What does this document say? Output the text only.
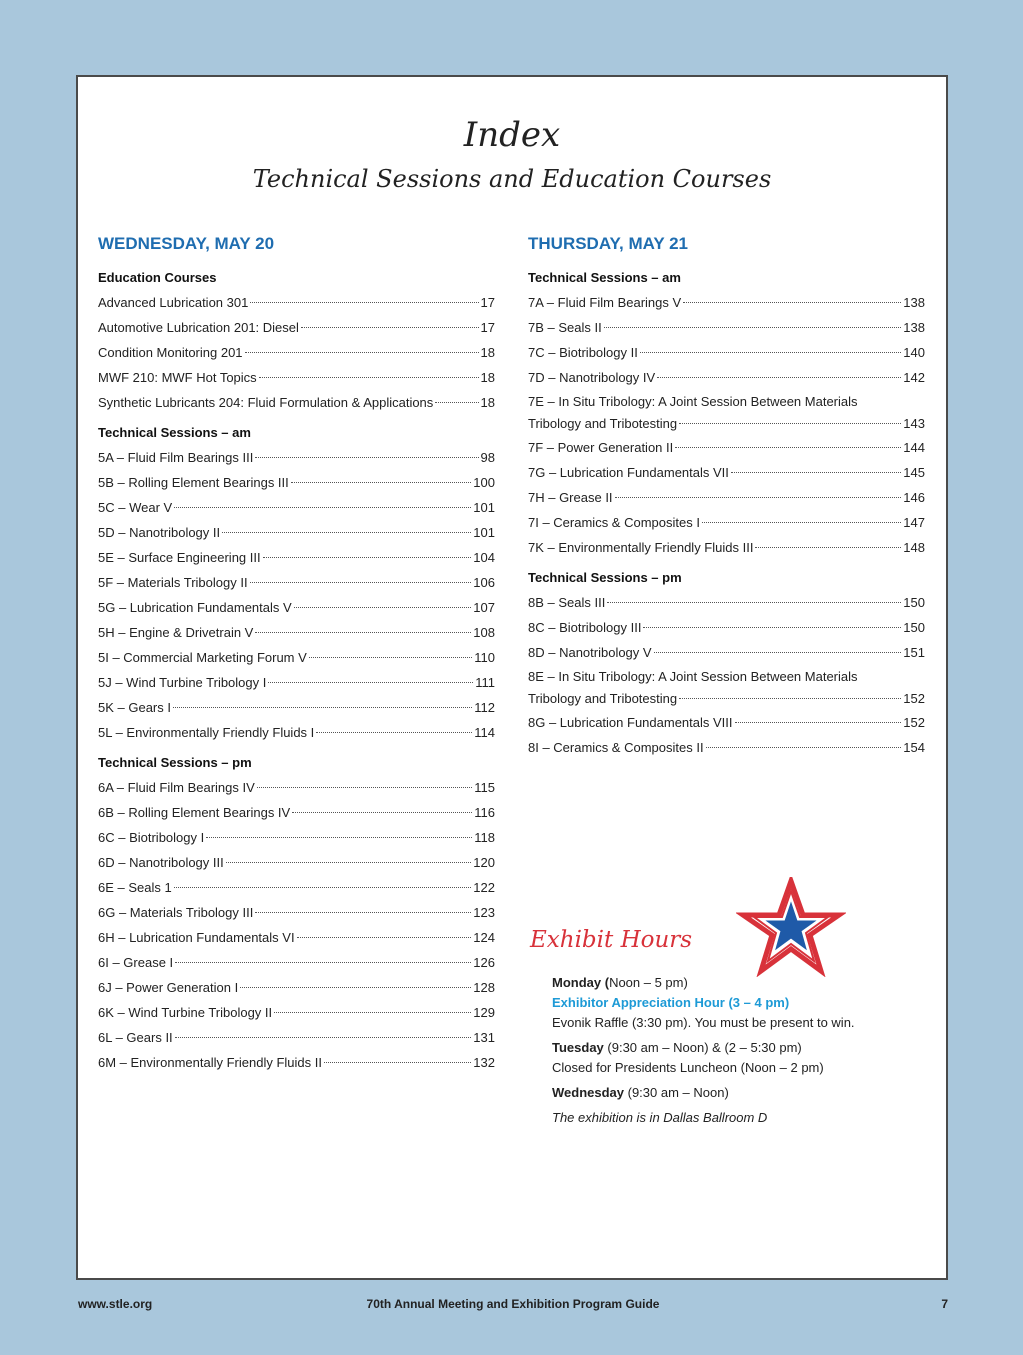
Index
Technical Sessions and Education Courses
WEDNESDAY, MAY 20
Education Courses
Advanced Lubrication 301	17
Automotive Lubrication 201: Diesel	17
Condition Monitoring 201	18
MWF 210: MWF Hot Topics	18
Synthetic Lubricants 204: Fluid Formulation & Applications	18
Technical Sessions – am
5A – Fluid Film Bearings III	98
5B – Rolling Element Bearings III	100
5C – Wear V	101
5D – Nanotribology II	101
5E – Surface Engineering III	104
5F – Materials Tribology II	106
5G – Lubrication Fundamentals V	107
5H – Engine & Drivetrain V	108
5I – Commercial Marketing Forum V	110
5J – Wind Turbine Tribology I	111
5K – Gears I	112
5L – Environmentally Friendly Fluids I	114
Technical Sessions – pm
6A – Fluid Film Bearings IV	115
6B – Rolling Element Bearings IV	116
6C – Biotribology I	118
6D – Nanotribology III	120
6E – Seals 1	122
6G – Materials Tribology III	123
6H – Lubrication Fundamentals VI	124
6I – Grease I	126
6J – Power Generation I	128
6K – Wind Turbine Tribology II	129
6L – Gears II	131
6M – Environmentally Friendly Fluids II	132
THURSDAY, MAY 21
Technical Sessions – am
7A – Fluid Film Bearings V	138
7B – Seals II	138
7C – Biotribology II	140
7D – Nanotribology IV	142
7E – In Situ Tribology: A Joint Session Between Materials
Tribology and Tribotesting	143
7F – Power Generation II	144
7G – Lubrication Fundamentals VII	145
7H – Grease II	146
7I – Ceramics & Composites I	147
7K – Environmentally Friendly Fluids III	148
Technical Sessions – pm
8B – Seals III	150
8C – Biotribology III	150
8D – Nanotribology V	151
8E – In Situ Tribology: A Joint Session Between Materials
Tribology and Tribotesting	152
8G – Lubrication Fundamentals VIII	152
8I – Ceramics & Composites II	154
Exhibit Hours
Monday (Noon – 5 pm)
Exhibitor Appreciation Hour (3 – 4 pm)
Evonik Raffle (3:30 pm). You must be present to win.
Tuesday (9:30 am – Noon) & (2 – 5:30 pm)
Closed for Presidents Luncheon (Noon – 2 pm)
Wednesday (9:30 am – Noon)
The exhibition is in Dallas Ballroom D
www.stle.org	70th Annual Meeting and Exhibition Program Guide	7
